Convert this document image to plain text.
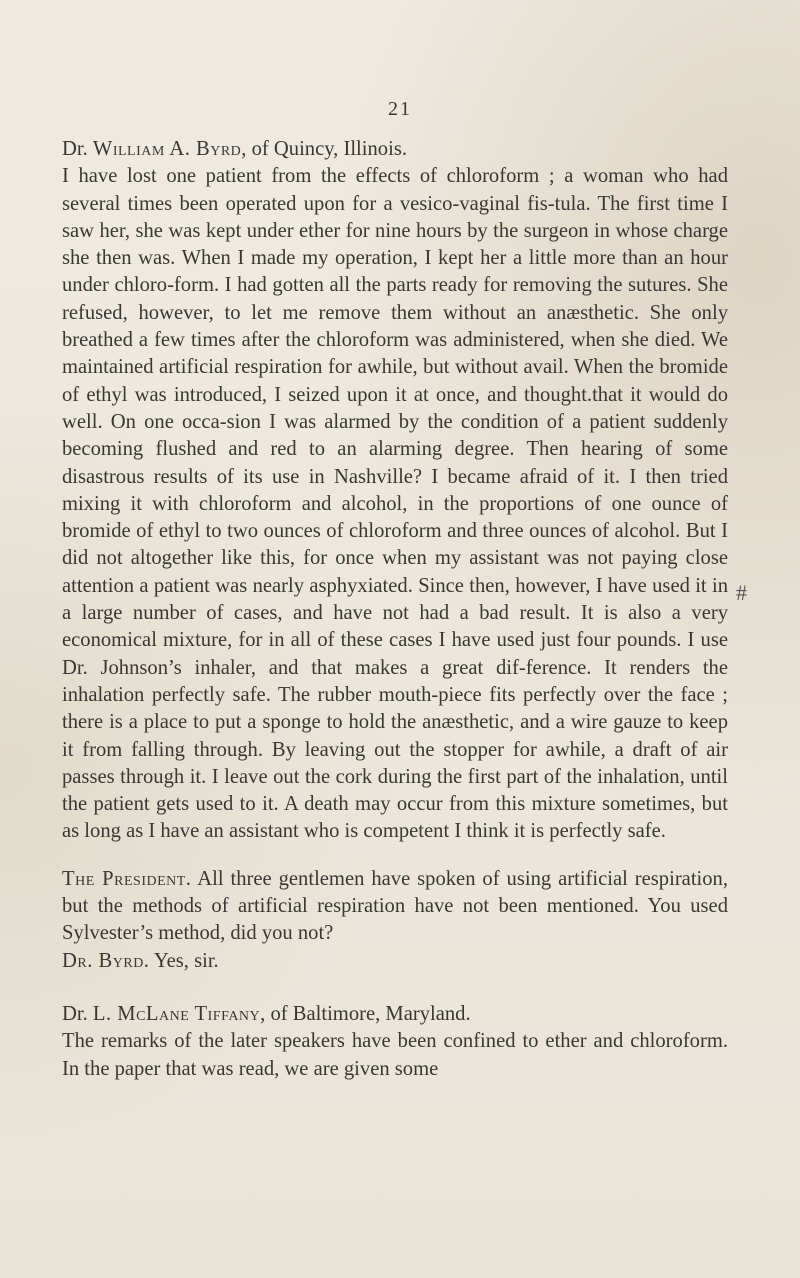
21

Dr. William A. Byrd, of Quincy, Illinois.

I have lost one patient from the effects of chloroform ; a woman who had several times been operated upon for a vesico-vaginal fis-tula. The first time I saw her, she was kept under ether for nine hours by the surgeon in whose charge she then was. When I made my operation, I kept her a little more than an hour under chloro-form. I had gotten all the parts ready for removing the sutures. She refused, however, to let me remove them without an anæsthetic. She only breathed a few times after the chloroform was administered, when she died. We maintained artificial respiration for awhile, but without avail. When the bromide of ethyl was introduced, I seized upon it at once, and thought.that it would do well. On one occa-sion I was alarmed by the condition of a patient suddenly becoming flushed and red to an alarming degree. Then hearing of some disastrous results of its use in Nashville? I became afraid of it. I then tried mixing it with chloroform and alcohol, in the proportions of one ounce of bromide of ethyl to two ounces of chloroform and three ounces of alcohol. But I did not altogether like this, for once when my assistant was not paying close attention a patient was nearly asphyxiated. Since then, however, I have used it in a large number of cases, and have not had a bad result. It is also a very economical mixture, for in all of these cases I have used just four pounds. I use Dr. Johnson’s inhaler, and that makes a great dif-ference. It renders the inhalation perfectly safe. The rubber mouth-piece fits perfectly over the face ; there is a place to put a sponge to hold the anæsthetic, and a wire gauze to keep it from falling through. By leaving out the stopper for awhile, a draft of air passes through it. I leave out the cork during the first part of the inhalation, until the patient gets used to it. A death may occur from this mixture sometimes, but as long as I have an assistant who is competent I think it is perfectly safe.

The President. All three gentlemen have spoken of using artificial respiration, but the methods of artificial respiration have not been mentioned. You used Sylvester’s method, did you not?

Dr. Byrd. Yes, sir.

Dr. L. McLane Tiffany, of Baltimore, Maryland.

The remarks of the later speakers have been confined to ether and chloroform. In the paper that was read, we are given some

#
